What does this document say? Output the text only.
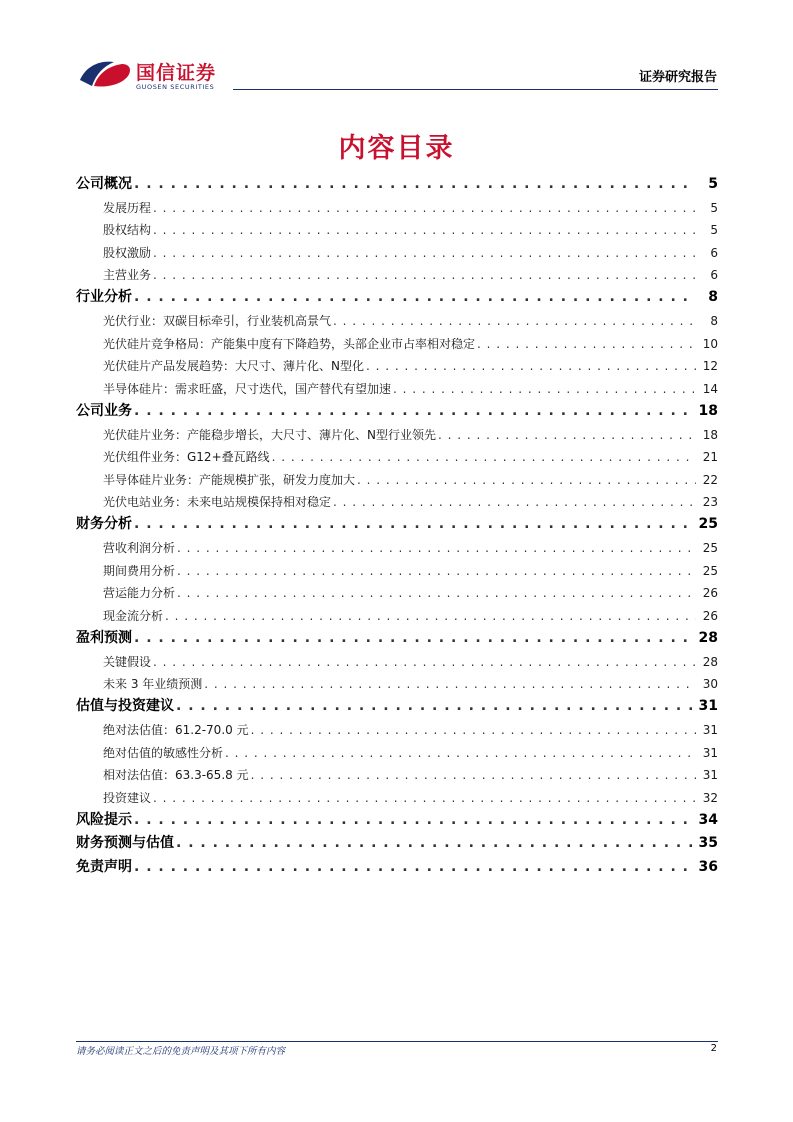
国信证券
GUOSEN SECURITIES
证券研究报告
内容目录
公司概况 . . .	5
发展历程 . . .	5
股权结构 . . .	5
股权激励 . . .	6
主营业务 . . .	6
行业分析 . . .	8
光伏行业：双碳目标牵引，行业装机高景气 . . .	8
光伏硅片竞争格局：产能集中度有下降趋势，头部企业市占率相对稳定 . . .	10
光伏硅片产品发展趋势：大尺寸、薄片化、N型化 . . .	12
半导体硅片：需求旺盛，尺寸迭代，国产替代有望加速 . . .	14
公司业务 . . .	18
光伏硅片业务：产能稳步增长，大尺寸、薄片化、N型行业领先 . . .	18
光伏组件业务：G12+叠瓦路线 . . .	21
半导体硅片业务：产能规模扩张，研发力度加大 . . .	22
光伏电站业务：未来电站规模保持相对稳定 . . .	23
财务分析 . . .	25
营收利润分析 . . .	25
期间费用分析 . . .	25
营运能力分析 . . .	26
现金流分析 . . .	26
盈利预测 . . .	28
关键假设 . . .	28
未来 3 年业绩预测 . . .	30
估值与投资建议 . . .	31
绝对法估值：61.2-70.0 元 . . .	31
绝对估值的敏感性分析 . . .	31
相对法估值：63.3-65.8 元 . . .	31
投资建议 . . .	32
风险提示 . . .	34
财务预测与估值 . . .	35
免责声明 . . .	36
请务必阅读正文之后的免责声明及其项下所有内容	2
